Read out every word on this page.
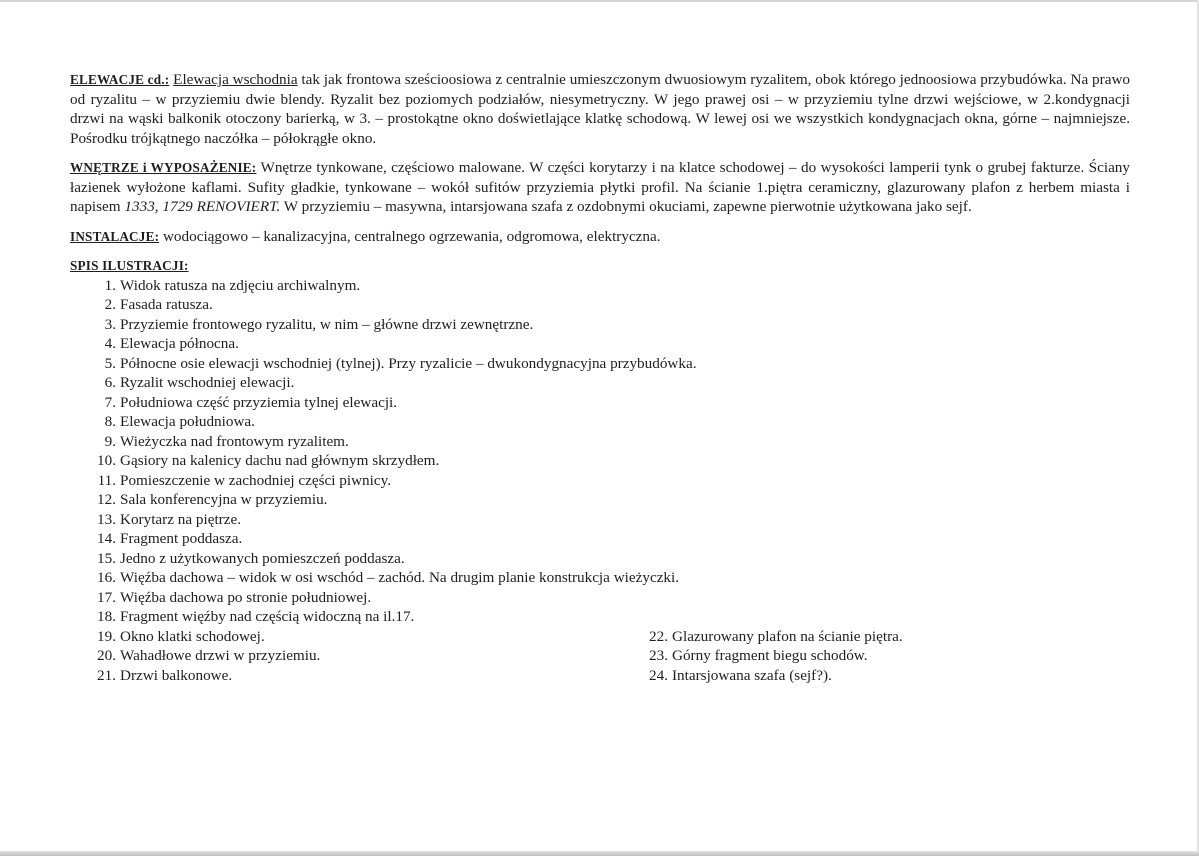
ELEWACJE cd.: Elewacja wschodnia tak jak frontowa sześcioosiowa z centralnie umieszczonym dwuosiowym ryzalitem, obok którego jednoosiowa przybudówka. Na prawo od ryzalitu – w przyziemiu dwie blendy. Ryzalit bez poziomych podziałów, niesymetryczny. W jego prawej osi – w przyziemiu tylne drzwi wejściowe, w 2.kondygnacji drzwi na wąski balkonik otoczony barierką, w 3. – prostokątne okno doświetlające klatkę schodową. W lewej osi we wszystkich kondygnacjach okna, górne – najmniejsze. Pośrodku trójkątnego naczółka – półokrągłe okno.

WNĘTRZE i WYPOSAŻENIE: Wnętrze tynkowane, częściowo malowane. W części korytarzy i na klatce schodowej – do wysokości lamperii tynk o grubej fakturze. Ściany łazienek wyłożone kaflami. Sufity gładkie, tynkowane – wokół sufitów przyziemia płytki profil. Na ścianie 1.piętra ceramiczny, glazurowany plafon z herbem miasta i napisem 1333, 1729 RENOVIERT. W przyziemiu – masywna, intarsjowana szafa z ozdobnymi okuciami, zapewne pierwotnie użytkowana jako sejf.

INSTALACJE: wodociągowo – kanalizacyjna, centralnego ogrzewania, odgromowa, elektryczna.

SPIS ILUSTRACJI:

1. Widok ratusza na zdjęciu archiwalnym.
2. Fasada ratusza.
3. Przyziemie frontowego ryzalitu, w nim – główne drzwi zewnętrzne.
4. Elewacja północna.
5. Północne osie elewacji wschodniej (tylnej). Przy ryzalicie – dwukondygnacyjna przybudówka.
6. Ryzalit wschodniej elewacji.
7. Południowa część przyziemia tylnej elewacji.
8. Elewacja południowa.
9. Wieżyczka nad frontowym ryzalitem.
10. Gąsiory na kalenicy dachu nad głównym skrzydłem.
11. Pomieszczenie w zachodniej części piwnicy.
12. Sala konferencyjna w przyziemiu.
13. Korytarz na piętrze.
14. Fragment poddasza.
15. Jedno z użytkowanych pomieszczeń poddasza.
16. Więźba dachowa – widok w osi wschód – zachód. Na drugim planie konstrukcja wieżyczki.
17. Więźba dachowa po stronie południowej.
18. Fragment więźby nad częścią widoczną na il.17.
19. Okno klatki schodowej.
20. Wahadłowe drzwi w przyziemiu.
21. Drzwi balkonowe.
22. Glazurowany plafon na ścianie piętra.
23. Górny fragment biegu schodów.
24. Intarsjowana szafa (sejf?).
